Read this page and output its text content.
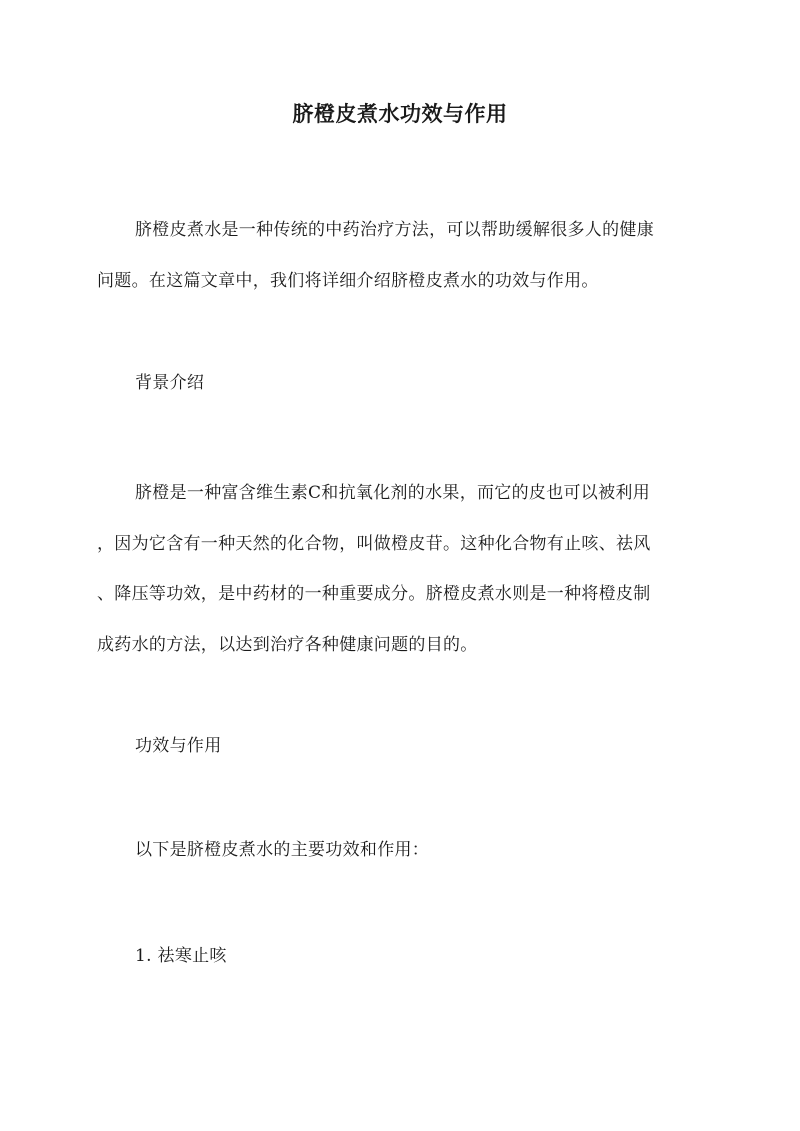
脐橙皮煮水功效与作用
脐橙皮煮水是一种传统的中药治疗方法，可以帮助缓解很多人的健康
问题。在这篇文章中，我们将详细介绍脐橙皮煮水的功效与作用。
背景介绍
脐橙是一种富含维生素C和抗氧化剂的水果，而它的皮也可以被利用
，因为它含有一种天然的化合物，叫做橙皮苷。这种化合物有止咳、祛风
、降压等功效，是中药材的一种重要成分。脐橙皮煮水则是一种将橙皮制
成药水的方法，以达到治疗各种健康问题的目的。
功效与作用
以下是脐橙皮煮水的主要功效和作用：
1. 祛寒止咳
